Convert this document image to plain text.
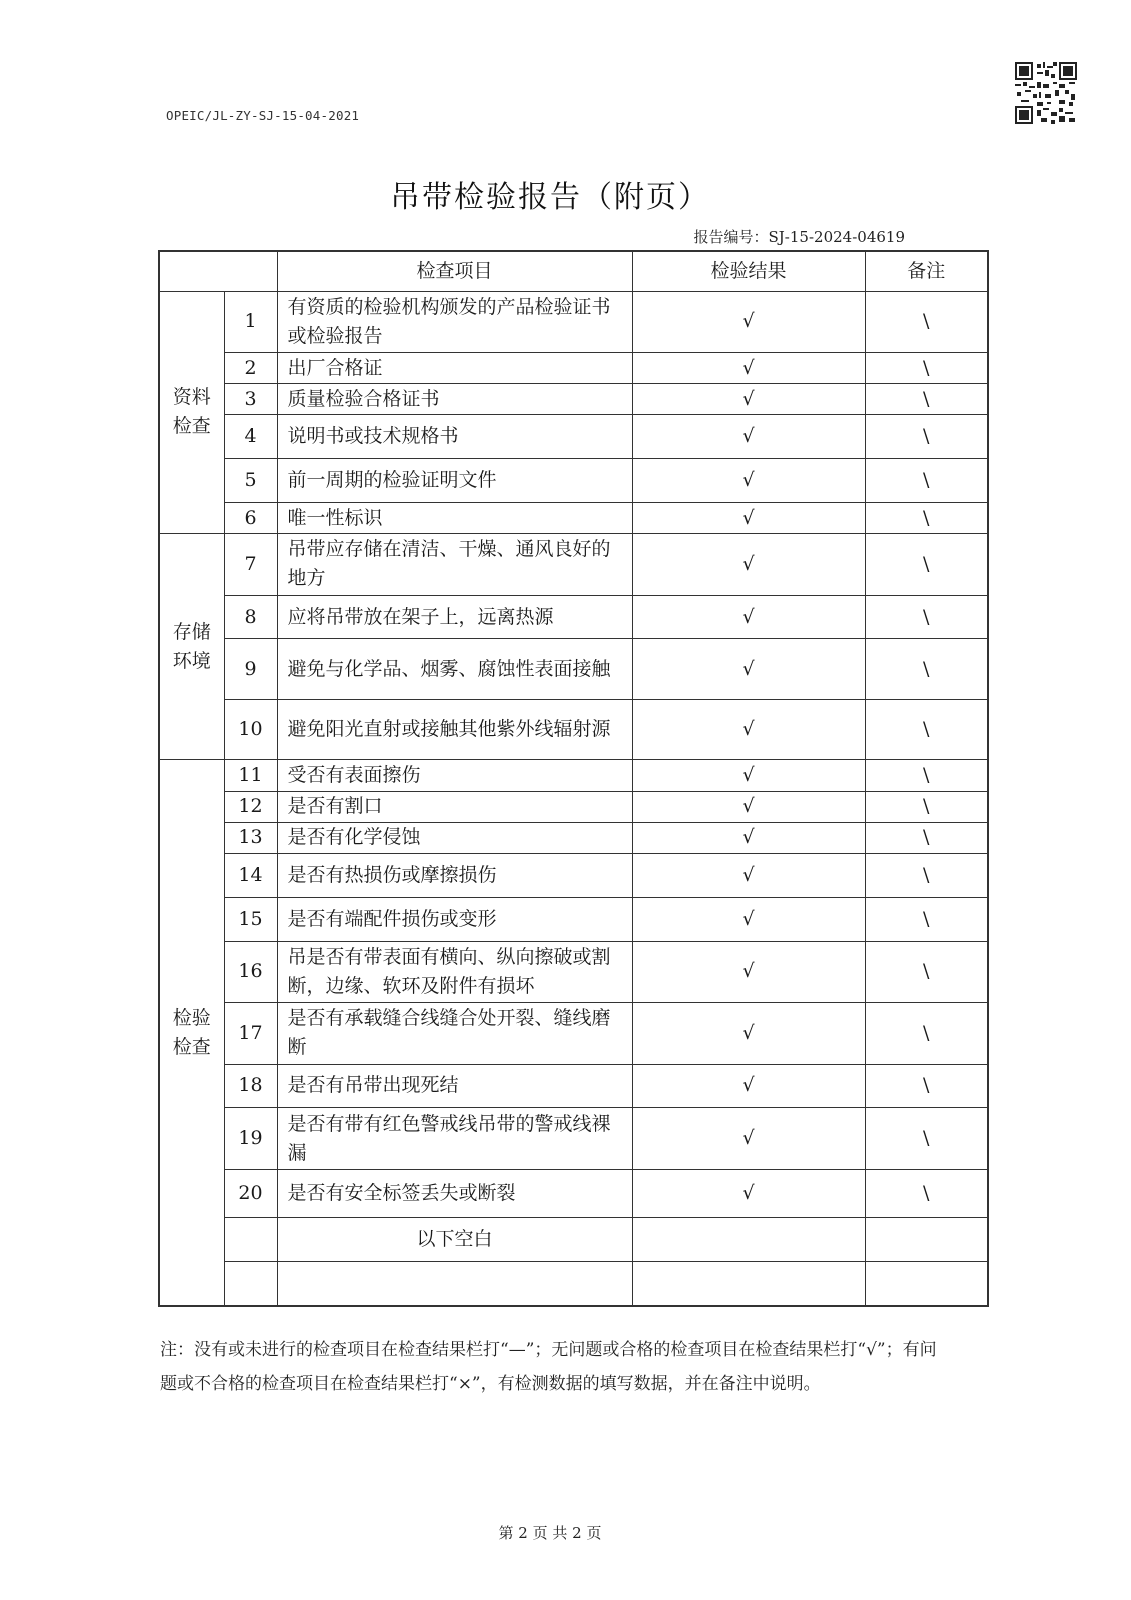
OPEIC/JL-ZY-SJ-15-04-2021
吊带检验报告（附页）
报告编号：SJ-15-2024-04619
		检查项目	检验结果	备注
资料
检查	1	有资质的检验机构颁发的产品检验证书或检验报告	√	\
	2	出厂合格证	√	\
	3	质量检验合格证书	√	\
	4	说明书或技术规格书	√	\
	5	前一周期的检验证明文件	√	\
	6	唯一性标识	√	\
存储
环境	7	吊带应存储在清洁、干燥、通风良好的地方	√	\
	8	应将吊带放在架子上，远离热源	√	\
	9	避免与化学品、烟雾、腐蚀性表面接触	√	\
	10	避免阳光直射或接触其他紫外线辐射源	√	\
检验
检查	11	受否有表面擦伤	√	\
	12	是否有割口	√	\
	13	是否有化学侵蚀	√	\
	14	是否有热损伤或摩擦损伤	√	\
	15	是否有端配件损伤或变形	√	\
	16	吊是否有带表面有横向、纵向擦破或割断，边缘、软环及附件有损坏	√	\
	17	是否有承载缝合线缝合处开裂、缝线磨断	√	\
	18	是否有吊带出现死结	√	\
	19	是否有带有红色警戒线吊带的警戒线裸漏	√	\
	20	是否有安全标签丢失或断裂	√	\
		以下空白		

注：没有或未进行的检查项目在检查结果栏打“—”；无问题或合格的检查项目在检查结果栏打“√”；有问题或不合格的检查项目在检查结果栏打“×”，有检测数据的填写数据，并在备注中说明。
第 2 页 共 2 页
